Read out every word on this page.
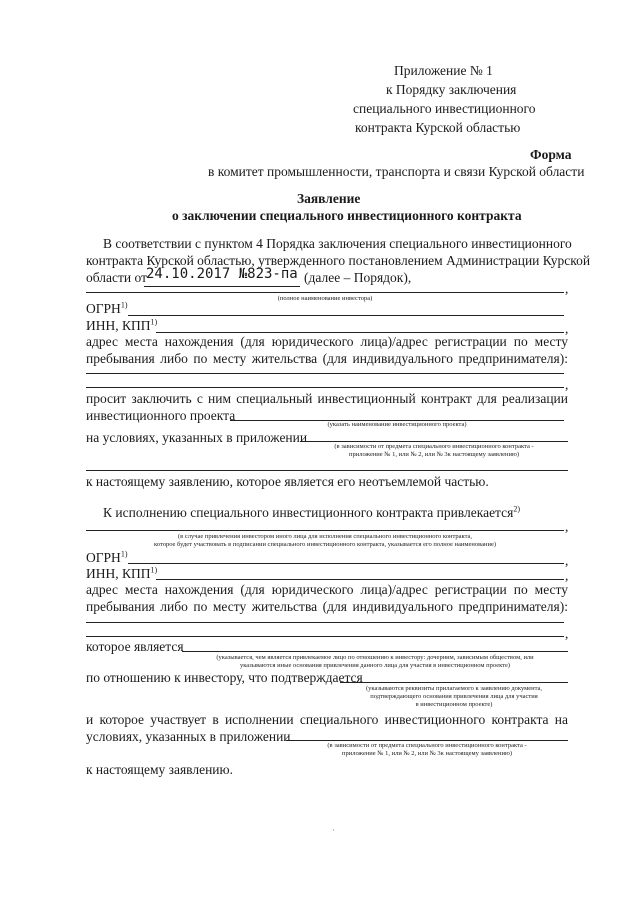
Приложение № 1
к Порядку заключения
специального инвестиционного
контракта Курской областью
Форма
в комитет промышленности, транспорта и связи Курской области
Заявление
о заключении специального инвестиционного контракта
В соответствии с пунктом 4 Порядка заключения специального инвестиционного
контракта Курской областью, утвержденного постановлением Администрации Курской
области от 24.10.2017 №823-па (далее – Порядок),
,
(полное наименование инвестора)
ОГРН$^{1)}$
ИНН, КПП$^{1)}$	,
адрес места нахождения (для юридического лица)/адрес регистрации по месту
пребывания либо по месту жительства (для индивидуального предпринимателя):
,
просит заключить с ним специальный инвестиционный контракт для реализации
инвестиционного проекта
(указать наименование инвестиционного проекта)
на условиях, указанных в приложении
(в зависимости от предмета специального инвестиционного контракта -
приложение № 1, или № 2, или № 3к настоящему заявлению)
к настоящему заявлению, которое является его неотъемлемой частью.
К исполнению специального инвестиционного контракта привлекается$^{2)}$
,
(в случае привлечения инвестором иного лица для исполнения специального инвестиционного контракта,
которое будет участвовать в подписании специального инвестиционного контракта, указывается его полное наименование)
ОГРН$^{1)}$	,
ИНН, КПП$^{1)}$	,
адрес места нахождения (для юридического лица)/адрес регистрации по месту
пребывания либо по месту жительства (для индивидуального предпринимателя):
,
которое является
(указывается, чем является привлекаемое лицо по отношению к инвестору: дочерним, зависимым обществом, или
указываются иные основания привлечения данного лица для участия в инвестиционном проекте)
по отношению к инвестору, что подтверждается
(указываются реквизиты прилагаемого к заявлению документа,
подтверждающего основания привлечения лица для участия
в инвестиционном проекте)
и которое участвует в исполнении специального инвестиционного контракта на
условиях, указанных в приложении
(в зависимости от предмета специального инвестиционного контракта -
приложение № 1, или № 2, или № 3к настоящему заявлению)
к настоящему заявлению.
·
